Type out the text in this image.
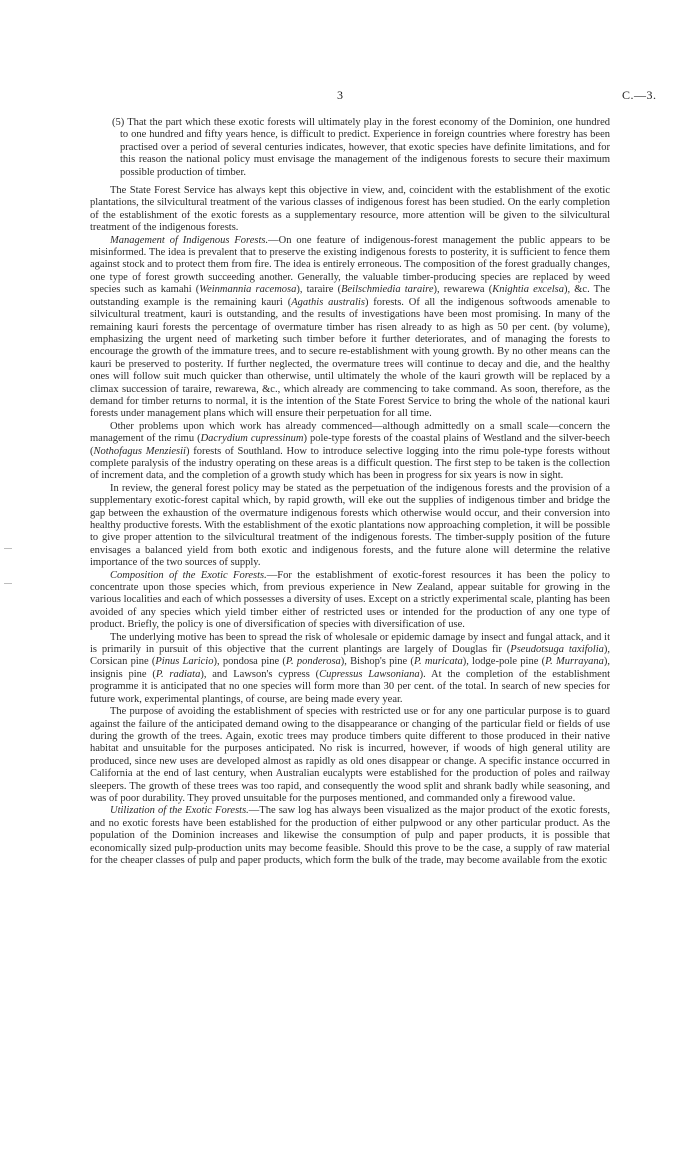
3	C.—3.

(5) That the part which these exotic forests will ultimately play in the forest economy of the Dominion, one hundred to one hundred and fifty years hence, is difficult to predict. Experience in foreign countries where forestry has been practised over a period of several centuries indicates, however, that exotic species have definite limitations, and for this reason the national policy must envisage the management of the indigenous forests to secure their maximum possible production of timber.

The State Forest Service has always kept this objective in view, and, coincident with the establishment of the exotic plantations, the silvicultural treatment of the various classes of indigenous forest has been studied. On the early completion of the establishment of the exotic forests as a supplementary resource, more attention will be given to the silvicultural treatment of the indigenous forests.

Management of Indigenous Forests.—On one feature of indigenous-forest management the public appears to be misinformed. The idea is prevalent that to preserve the existing indigenous forests to posterity, it is sufficient to fence them against stock and to protect them from fire. The idea is entirely erroneous. The composition of the forest gradually changes, one type of forest growth succeeding another. Generally, the valuable timber-producing species are replaced by weed species such as kamahi (Weinmannia racemosa), taraire (Beilschmiedia taraire), rewarewa (Knightia excelsa), &c. The outstanding example is the remaining kauri (Agathis australis) forests. Of all the indigenous softwoods amenable to silvicultural treatment, kauri is outstanding, and the results of investigations have been most promising. In many of the remaining kauri forests the percentage of overmature timber has risen already to as high as 50 per cent. (by volume), emphasizing the urgent need of marketing such timber before it further deteriorates, and of managing the forests to encourage the growth of the immature trees, and to secure re-establishment with young growth. By no other means can the kauri be preserved to posterity. If further neglected, the overmature trees will continue to decay and die, and the healthy ones will follow suit much quicker than otherwise, until ultimately the whole of the kauri growth will be replaced by a climax succession of taraire, rewarewa, &c., which already are commencing to take command. As soon, therefore, as the demand for timber returns to normal, it is the intention of the State Forest Service to bring the whole of the national kauri forests under management plans which will ensure their perpetuation for all time.

Other problems upon which work has already commenced—although admittedly on a small scale—concern the management of the rimu (Dacrydium cupressinum) pole-type forests of the coastal plains of Westland and the silver-beech (Nothofagus Menziesii) forests of Southland. How to introduce selective logging into the rimu pole-type forests without complete paralysis of the industry operating on these areas is a difficult question. The first step to be taken is the collection of increment data, and the completion of a growth study which has been in progress for six years is now in sight.

In review, the general forest policy may be stated as the perpetuation of the indigenous forests and the provision of a supplementary exotic-forest capital which, by rapid growth, will eke out the supplies of indigenous timber and bridge the gap between the exhaustion of the overmature indigenous forests which otherwise would occur, and their conversion into healthy productive forests. With the establishment of the exotic plantations now approaching completion, it will be possible to give proper attention to the silvicultural treatment of the indigenous forests. The timber-supply position of the future envisages a balanced yield from both exotic and indigenous forests, and the future alone will determine the relative importance of the two sources of supply.

Composition of the Exotic Forests.—For the establishment of exotic-forest resources it has been the policy to concentrate upon those species which, from previous experience in New Zealand, appear suitable for growing in the various localities and each of which possesses a diversity of uses. Except on a strictly experimental scale, planting has been avoided of any species which yield timber either of restricted uses or intended for the production of any one type of product. Briefly, the policy is one of diversification of species with diversification of use.

The underlying motive has been to spread the risk of wholesale or epidemic damage by insect and fungal attack, and it is primarily in pursuit of this objective that the current plantings are largely of Douglas fir (Pseudotsuga taxifolia), Corsican pine (Pinus Laricio), pondosa pine (P. ponderosa), Bishop's pine (P. muricata), lodge-pole pine (P. Murrayana), insignis pine (P. radiata), and Lawson's cypress (Cupressus Lawsoniana). At the completion of the establishment programme it is anticipated that no one species will form more than 30 per cent. of the total. In search of new species for future work, experimental plantings, of course, are being made every year.

The purpose of avoiding the establishment of species with restricted use or for any one particular purpose is to guard against the failure of the anticipated demand owing to the disappearance or changing of the particular field or fields of use during the growth of the trees. Again, exotic trees may produce timbers quite different to those produced in their native habitat and unsuitable for the purposes anticipated. No risk is incurred, however, if woods of high general utility are produced, since new uses are developed almost as rapidly as old ones disappear or change. A specific instance occurred in California at the end of last century, when Australian eucalypts were established for the production of poles and railway sleepers. The growth of these trees was too rapid, and consequently the wood split and shrank badly while seasoning, and was of poor durability. They proved unsuitable for the purposes mentioned, and commanded only a firewood value.

Utilization of the Exotic Forests.—The saw log has always been visualized as the major product of the exotic forests, and no exotic forests have been established for the production of either pulpwood or any other particular product. As the population of the Dominion increases and likewise the consumption of pulp and paper products, it is possible that economically sized pulp-production units may become feasible. Should this prove to be the case, a supply of raw material for the cheaper classes of pulp and paper products, which form the bulk of the trade, may become available from the exotic
